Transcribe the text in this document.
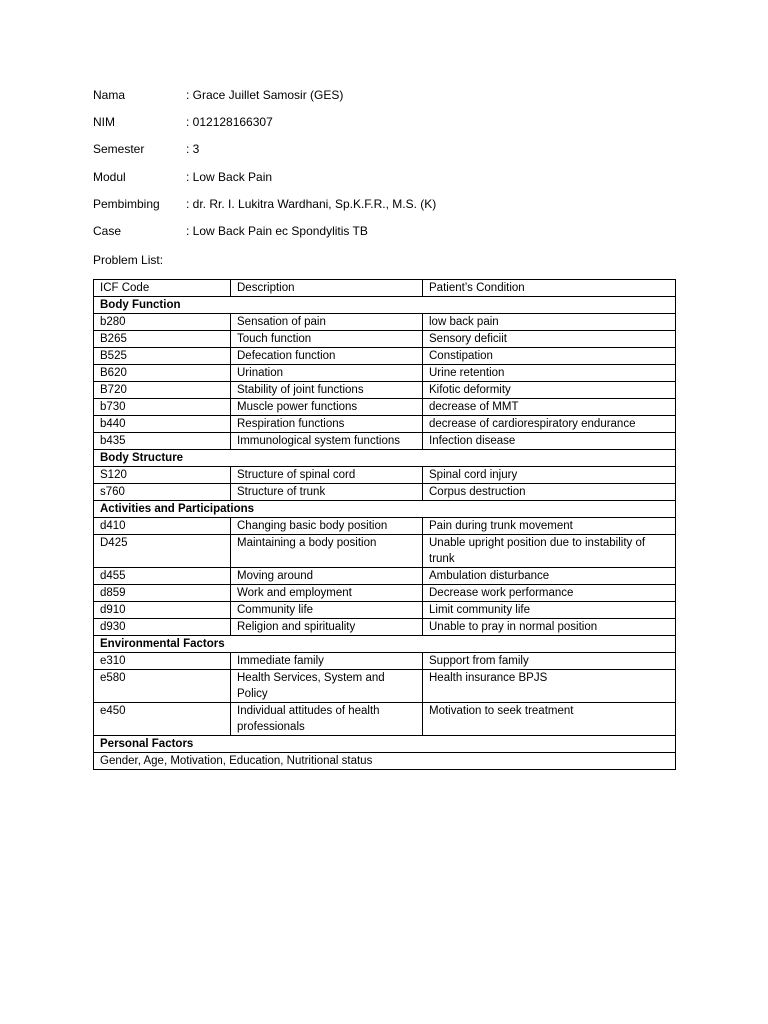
Nama	: Grace Juillet Samosir (GES)
NIM	: 012128166307
Semester	: 3
Modul	: Low Back Pain
Pembimbing	: dr. Rr. I. Lukitra Wardhani, Sp.K.F.R., M.S. (K)
Case	: Low Back Pain ec Spondylitis TB
Problem List:
ICF Code	Description	Patient’s Condition
Body Function		
b280	Sensation of pain	low back pain
B265	Touch function	Sensory deficiit
B525	Defecation function	Constipation
B620	Urination	Urine retention
B720	Stability of joint functions	Kifotic deformity
b730	Muscle power functions	decrease of MMT
b440	Respiration functions	decrease of cardiorespiratory endurance
b435	Immunological system functions	Infection disease
Body Structure		
S120	Structure of spinal cord	Spinal cord injury
s760	Structure of trunk	Corpus destruction
Activities and Participations		
d410	Changing basic body position	Pain during trunk movement
D425	Maintaining a body position	Unable upright position due to instability of trunk
d455	Moving around	Ambulation disturbance
d859	Work and employment	Decrease work performance
d910	Community life	Limit community life
d930	Religion and spirituality	Unable to pray in normal position
Environmental Factors		
e310	Immediate family	Support from family
e580	Health Services, System and Policy	Health insurance BPJS
e450	Individual attitudes of health professionals	Motivation to seek treatment
Personal Factors		
Gender, Age, Motivation, Education, Nutritional status		
